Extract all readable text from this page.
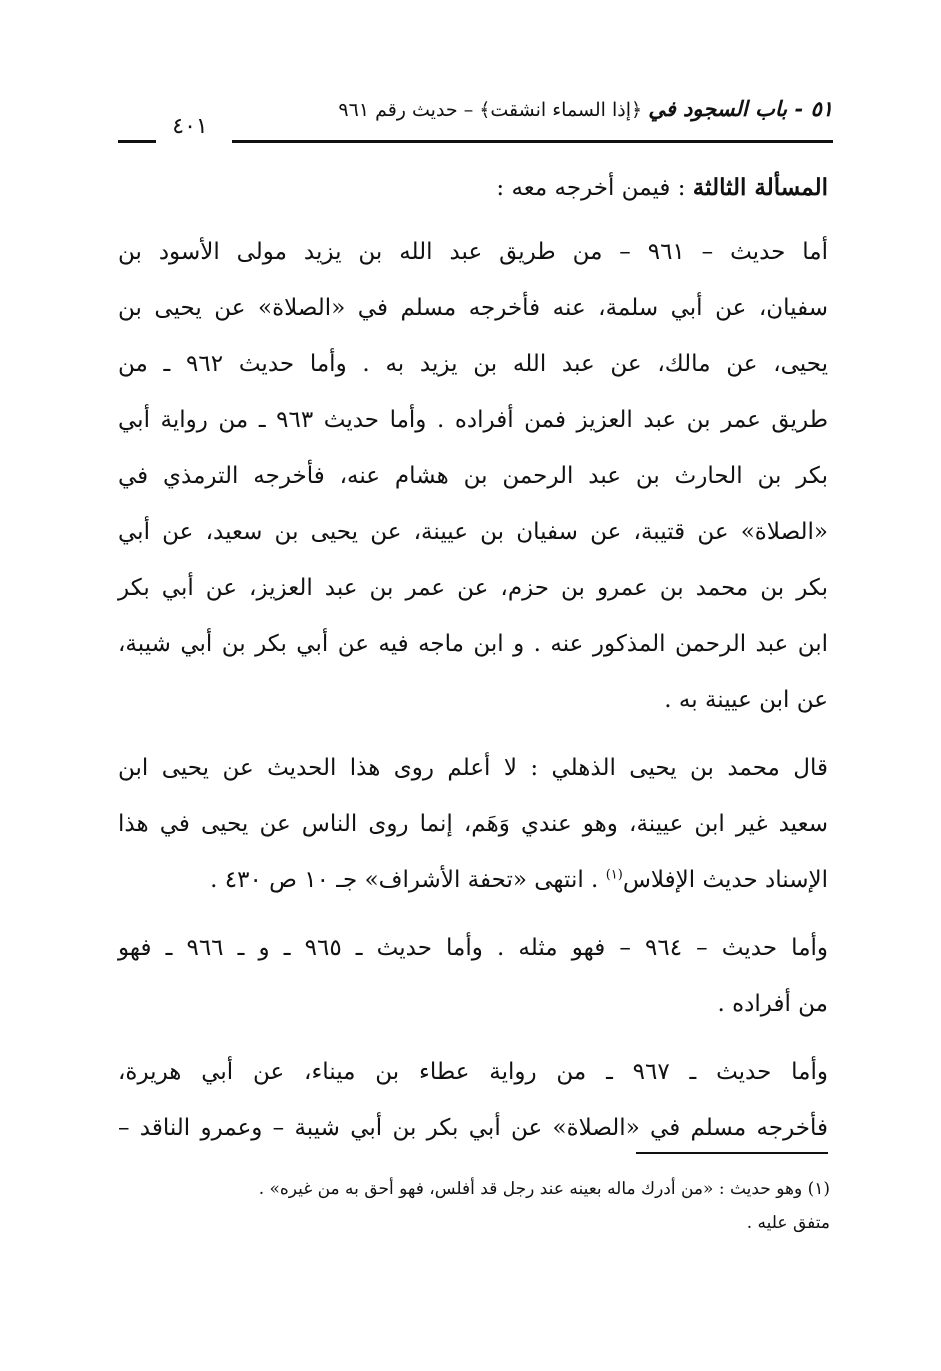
٥١ - باب السجود في ﴿إذا السماء انشقت﴾ – حديث رقم ٩٦١
٤٠١
المسألة الثالثة : فيمن أخرجه معه :
أما حديث – ٩٦١ – من طريق عبد الله بن يزيد مولى الأسود بن
سفيان، عن أبي سلمة، عنه فأخرجه مسلم في «الصلاة» عن يحيى بن
يحيى، عن مالك، عن عبد الله بن يزيد به . وأما حديث ٩٦٢ ـ من
طريق عمر بن عبد العزيز فمن أفراده . وأما حديث ٩٦٣ ـ من رواية أبي
بكر بن الحارث بن عبد الرحمن بن هشام عنه، فأخرجه الترمذي في
«الصلاة» عن قتيبة، عن سفيان بن عيينة، عن يحيى بن سعيد، عن أبي
بكر بن محمد بن عمرو بن حزم، عن عمر بن عبد العزيز، عن أبي بكر
ابن عبد الرحمن المذكور عنه . و ابن ماجه فيه عن أبي بكر بن أبي شيبة،
عن ابن عيينة به .
قال محمد بن يحيى الذهلي : لا أعلم روى هذا الحديث عن يحيى ابن
سعيد غير ابن عيينة، وهو عندي وَهَم، إنما روى الناس عن يحيى في هذا
الإسناد حديث الإفلاس$^{(١)}$ . انتهى «تحفة الأشراف» جـ ١٠ ص ٤٣٠ .
وأما حديث – ٩٦٤ – فهو مثله . وأما حديث ـ ٩٦٥ ـ و ـ ٩٦٦ ـ فهو
من أفراده .
وأما حديث ـ ٩٦٧ ـ من رواية عطاء بن ميناء، عن أبي هريرة،
فأخرجه مسلم في «الصلاة» عن أبي بكر بن أبي شيبة – وعمرو الناقد –
(١) وهو حديث : «من أدرك ماله بعينه عند رجل قد أفلس، فهو أحق به من غيره» .
متفق عليه .
